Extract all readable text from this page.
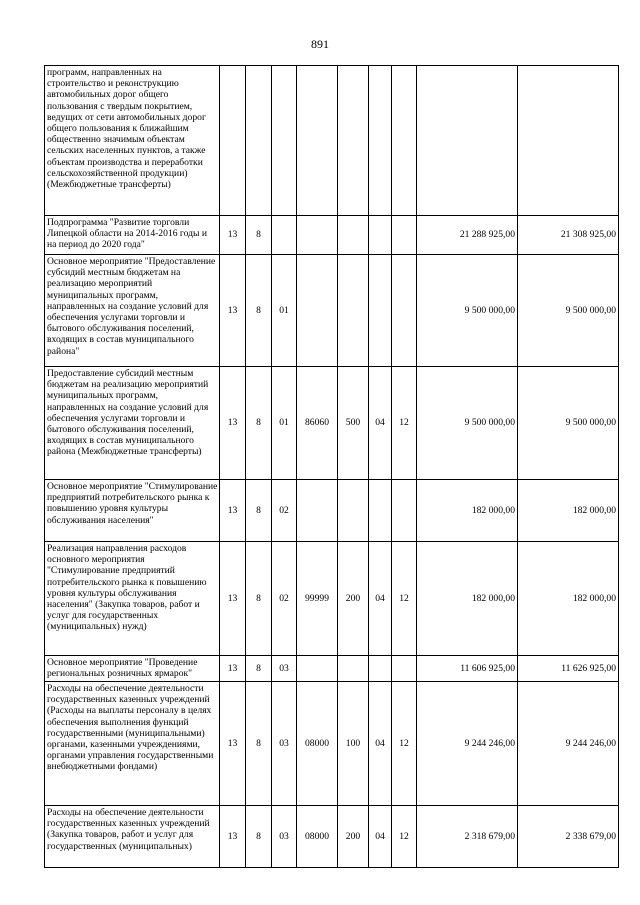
891
программ, направленных на строительство и реконструкцию автомобильных дорог общего пользования с твердым покрытием, ведущих от сети автомобильных дорог общего пользования к ближайшим общественно значимым объектам сельских населенных пунктов, а также объектам производства и переработки сельскохозяйственной продукции) (Межбюджетные трансферты)									
Подпрограмма "Развитие торговли Липецкой области на 2014-2016 годы и на период до 2020 года"	13	8						21 288 925,00	21 308 925,00
Основное мероприятие "Предоставление субсидий местным бюджетам на реализацию мероприятий муниципальных программ, направленных на создание условий для обеспечения услугами торговли и бытового обслуживания поселений, входящих в состав муниципального района"	13	8	01					9 500 000,00	9 500 000,00
Предоставление субсидий местным бюджетам на реализацию мероприятий муниципальных программ, направленных на создание условий для обеспечения услугами торговли и бытового обслуживания поселений, входящих в состав муниципального района (Межбюджетные трансферты)	13	8	01	86060	500	04	12	9 500 000,00	9 500 000,00
Основное мероприятие "Стимулирование предприятий потребительского рынка к повышению уровня культуры обслуживания населения"	13	8	02					182 000,00	182 000,00
Реализация направления расходов основного мероприятия "Стимулирование предприятий потребительского рынка к повышению уровня культуры обслуживания населения" (Закупка товаров, работ и услуг для государственных (муниципальных) нужд)	13	8	02	99999	200	04	12	182 000,00	182 000,00
Основное мероприятие "Проведение региональных розничных ярмарок"	13	8	03					11 606 925,00	11 626 925,00
Расходы на обеспечение деятельности государственных казенных учреждений (Расходы на выплаты персоналу в целях обеспечения выполнения функций государственными (муниципальными) органами, казенными учреждениями, органами управления государственными внебюджетными фондами)	13	8	03	08000	100	04	12	9 244 246,00	9 244 246,00
Расходы на обеспечение деятельности государственных казенных учреждений (Закупка товаров, работ и услуг для государственных (муниципальных)	13	8	03	08000	200	04	12	2 318 679,00	2 338 679,00
